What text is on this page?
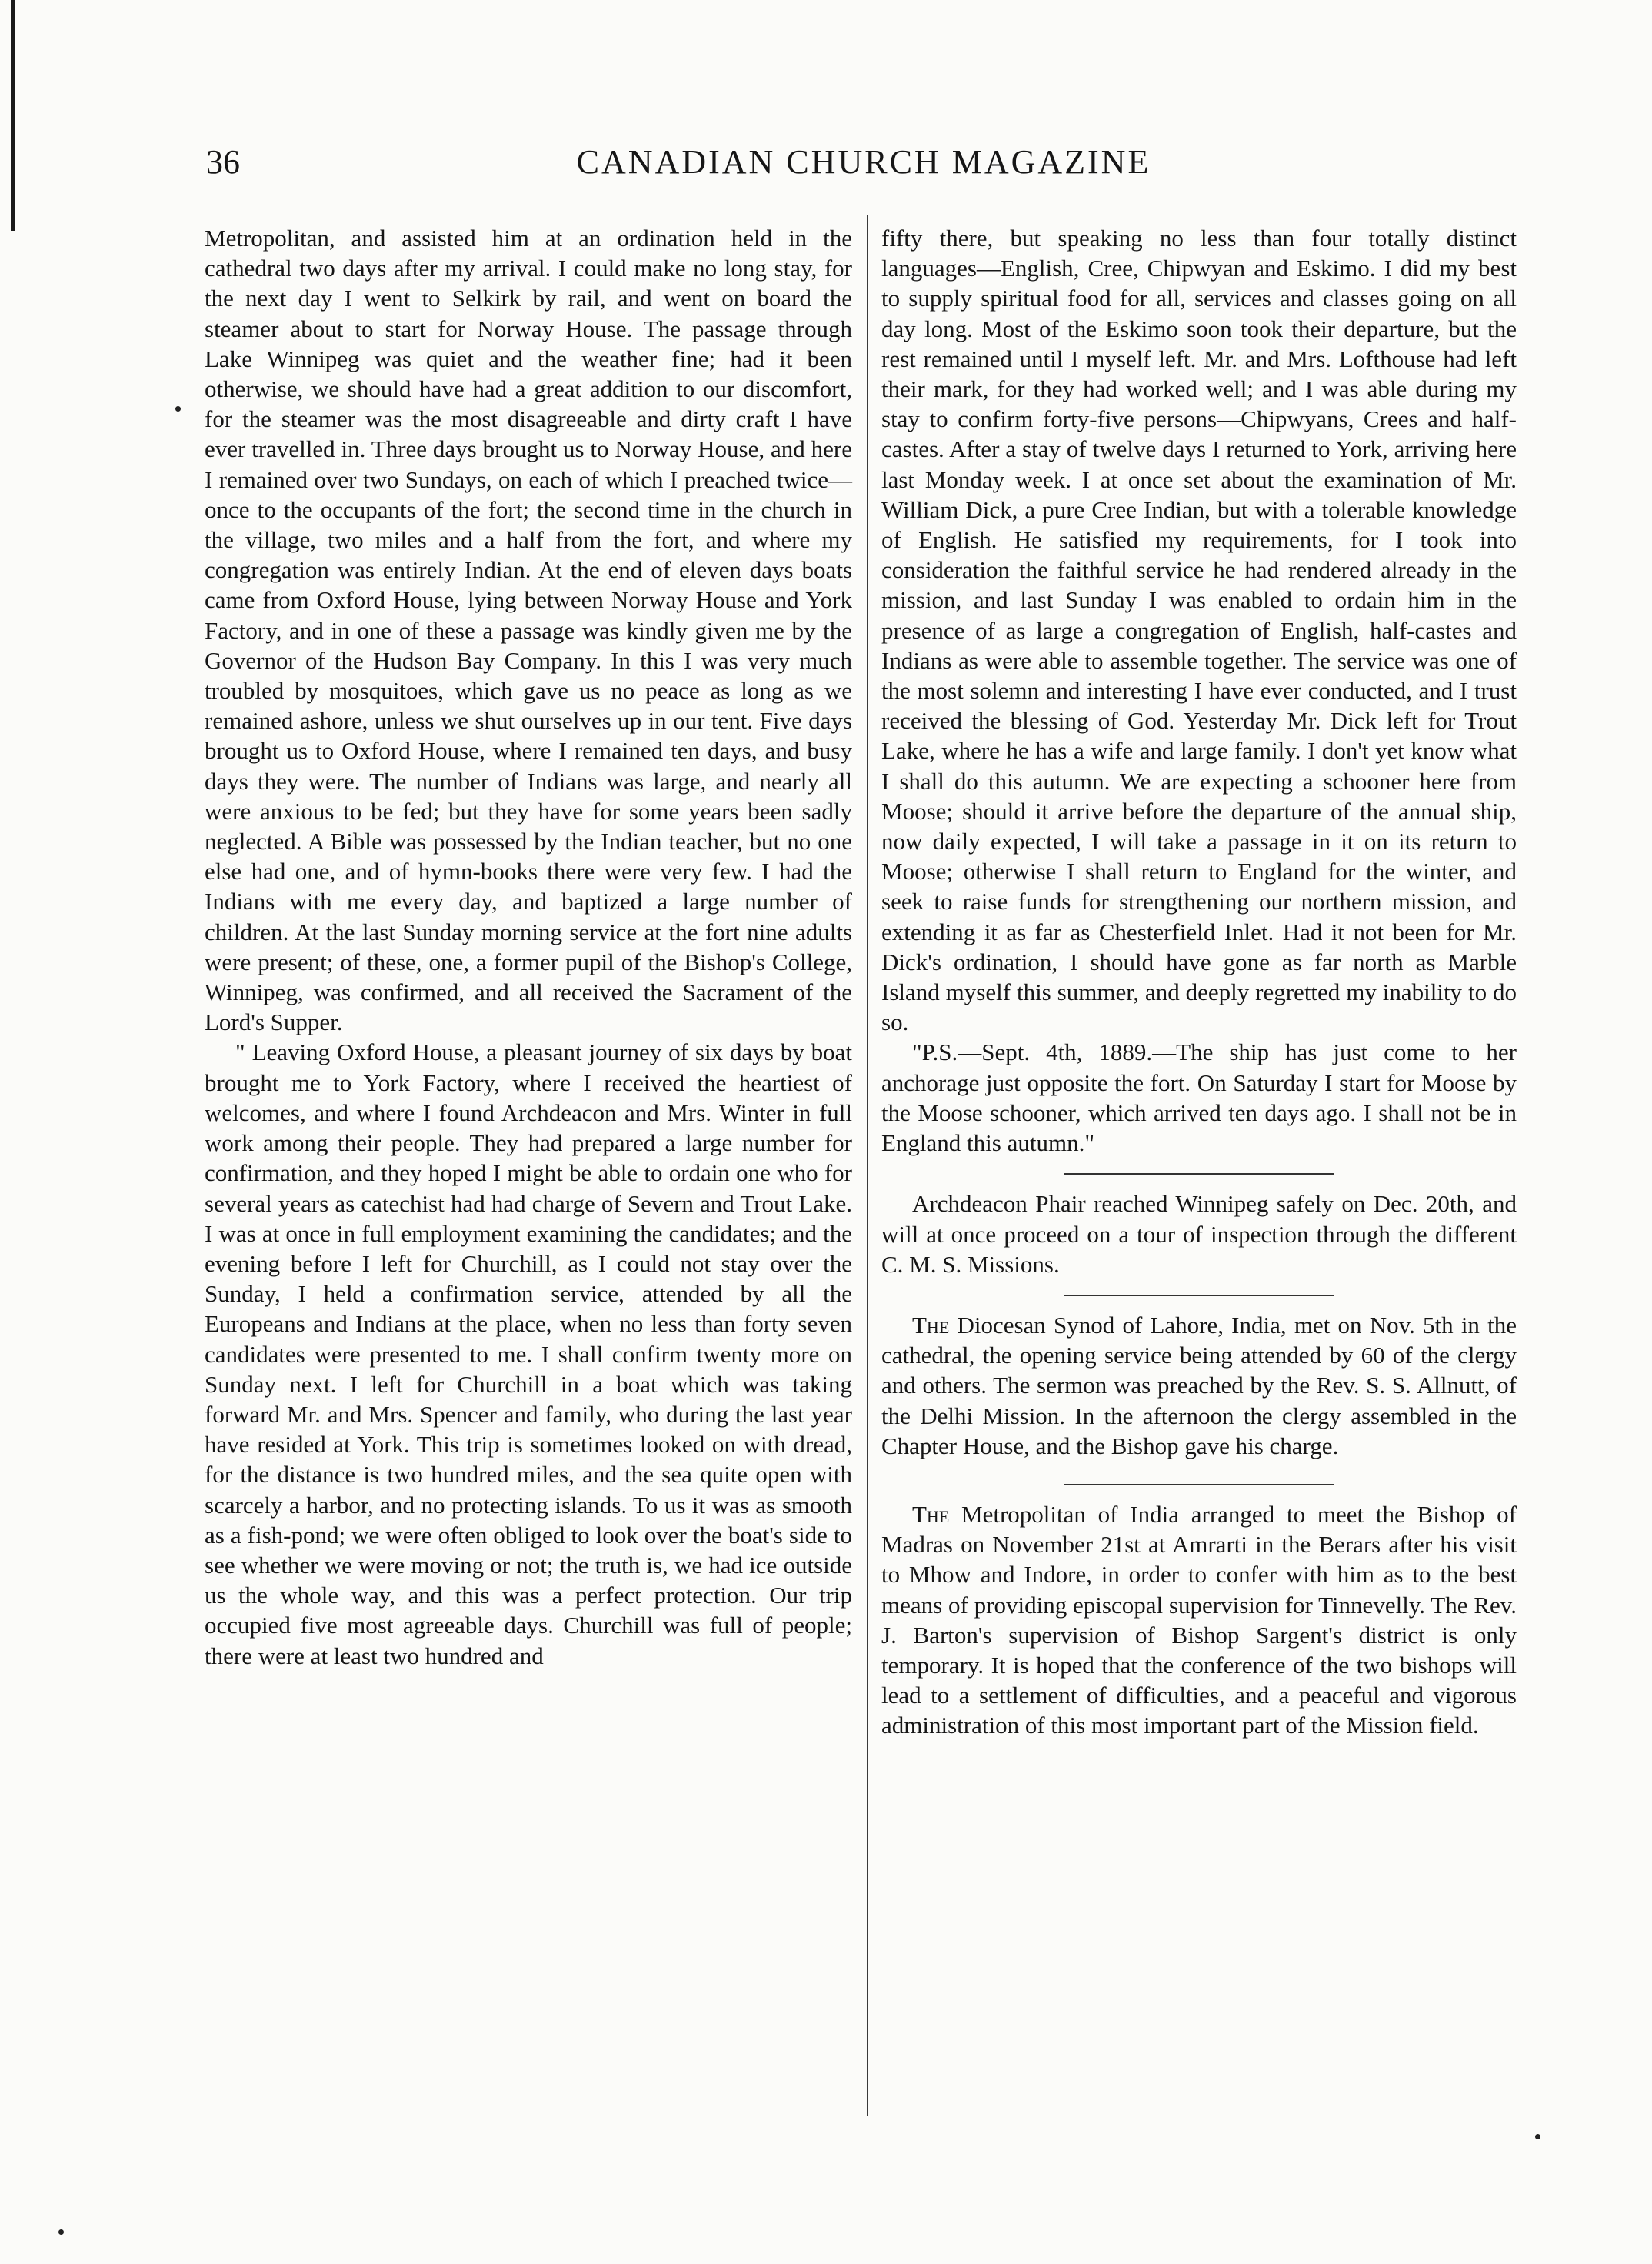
CANADIAN CHURCH MAGAZINE
36

Metropolitan, and assisted him at an ordination held in the cathedral two days after my arrival. I could make no long stay, for the next day I went to Selkirk by rail, and went on board the steamer about to start for Norway House. The passage through Lake Winnipeg was quiet and the weather fine; had it been otherwise, we should have had a great addition to our discomfort, for the steamer was the most disagreeable and dirty craft I have ever travelled in. Three days brought us to Norway House, and here I remained over two Sundays, on each of which I preached twice—once to the occupants of the fort; the second time in the church in the village, two miles and a half from the fort, and where my congregation was entirely Indian. At the end of eleven days boats came from Oxford House, lying between Norway House and York Factory, and in one of these a passage was kindly given me by the Governor of the Hudson Bay Company. In this I was very much troubled by mosquitoes, which gave us no peace as long as we remained ashore, unless we shut ourselves up in our tent. Five days brought us to Oxford House, where I remained ten days, and busy days they were. The number of Indians was large, and nearly all were anxious to be fed; but they have for some years been sadly neglected. A Bible was possessed by the Indian teacher, but no one else had one, and of hymn-books there were very few. I had the Indians with me every day, and baptized a large number of children. At the last Sunday morning service at the fort nine adults were present; of these, one, a former pupil of the Bishop's College, Winnipeg, was confirmed, and all received the Sacrament of the Lord's Supper.

" Leaving Oxford House, a pleasant journey of six days by boat brought me to York Factory, where I received the heartiest of welcomes, and where I found Archdeacon and Mrs. Winter in full work among their people. They had prepared a large number for confirmation, and they hoped I might be able to ordain one who for several years as catechist had had charge of Severn and Trout Lake. I was at once in full employment examining the candidates; and the evening before I left for Churchill, as I could not stay over the Sunday, I held a confirmation service, attended by all the Europeans and Indians at the place, when no less than forty seven candidates were presented to me. I shall confirm twenty more on Sunday next. I left for Churchill in a boat which was taking forward Mr. and Mrs. Spencer and family, who during the last year have resided at York. This trip is sometimes looked on with dread, for the distance is two hundred miles, and the sea quite open with scarcely a harbor, and no protecting islands. To us it was as smooth as a fish-pond; we were often obliged to look over the boat's side to see whether we were moving or not; the truth is, we had ice outside us the whole way, and this was a perfect protection. Our trip occupied five most agreeable days. Churchill was full of people; there were at least two hundred and

fifty there, but speaking no less than four totally distinct languages—English, Cree, Chipwyan and Eskimo. I did my best to supply spiritual food for all, services and classes going on all day long. Most of the Eskimo soon took their departure, but the rest remained until I myself left. Mr. and Mrs. Lofthouse had left their mark, for they had worked well; and I was able during my stay to confirm forty-five persons—Chipwyans, Crees and half-castes. After a stay of twelve days I returned to York, arriving here last Monday week. I at once set about the examination of Mr. William Dick, a pure Cree Indian, but with a tolerable knowledge of English. He satisfied my requirements, for I took into consideration the faithful service he had rendered already in the mission, and last Sunday I was enabled to ordain him in the presence of as large a congregation of English, half-castes and Indians as were able to assemble together. The service was one of the most solemn and interesting I have ever conducted, and I trust received the blessing of God. Yesterday Mr. Dick left for Trout Lake, where he has a wife and large family. I don't yet know what I shall do this autumn. We are expecting a schooner here from Moose; should it arrive before the departure of the annual ship, now daily expected, I will take a passage in it on its return to Moose; otherwise I shall return to England for the winter, and seek to raise funds for strengthening our northern mission, and extending it as far as Chesterfield Inlet. Had it not been for Mr. Dick's ordination, I should have gone as far north as Marble Island myself this summer, and deeply regretted my inability to do so.

"P.S.—Sept. 4th, 1889.—The ship has just come to her anchorage just opposite the fort. On Saturday I start for Moose by the Moose schooner, which arrived ten days ago. I shall not be in England this autumn."

Archdeacon Phair reached Winnipeg safely on Dec. 20th, and will at once proceed on a tour of inspection through the different C. M. S. Missions.

The Diocesan Synod of Lahore, India, met on Nov. 5th in the cathedral, the opening service being attended by 60 of the clergy and others. The sermon was preached by the Rev. S. S. Allnutt, of the Delhi Mission. In the afternoon the clergy assembled in the Chapter House, and the Bishop gave his charge.

The Metropolitan of India arranged to meet the Bishop of Madras on November 21st at Amrarti in the Berars after his visit to Mhow and Indore, in order to confer with him as to the best means of providing episcopal supervision for Tinnevelly. The Rev. J. Barton's supervision of Bishop Sargent's district is only temporary. It is hoped that the conference of the two bishops will lead to a settlement of difficulties, and a peaceful and vigorous administration of this most important part of the Mission field.
